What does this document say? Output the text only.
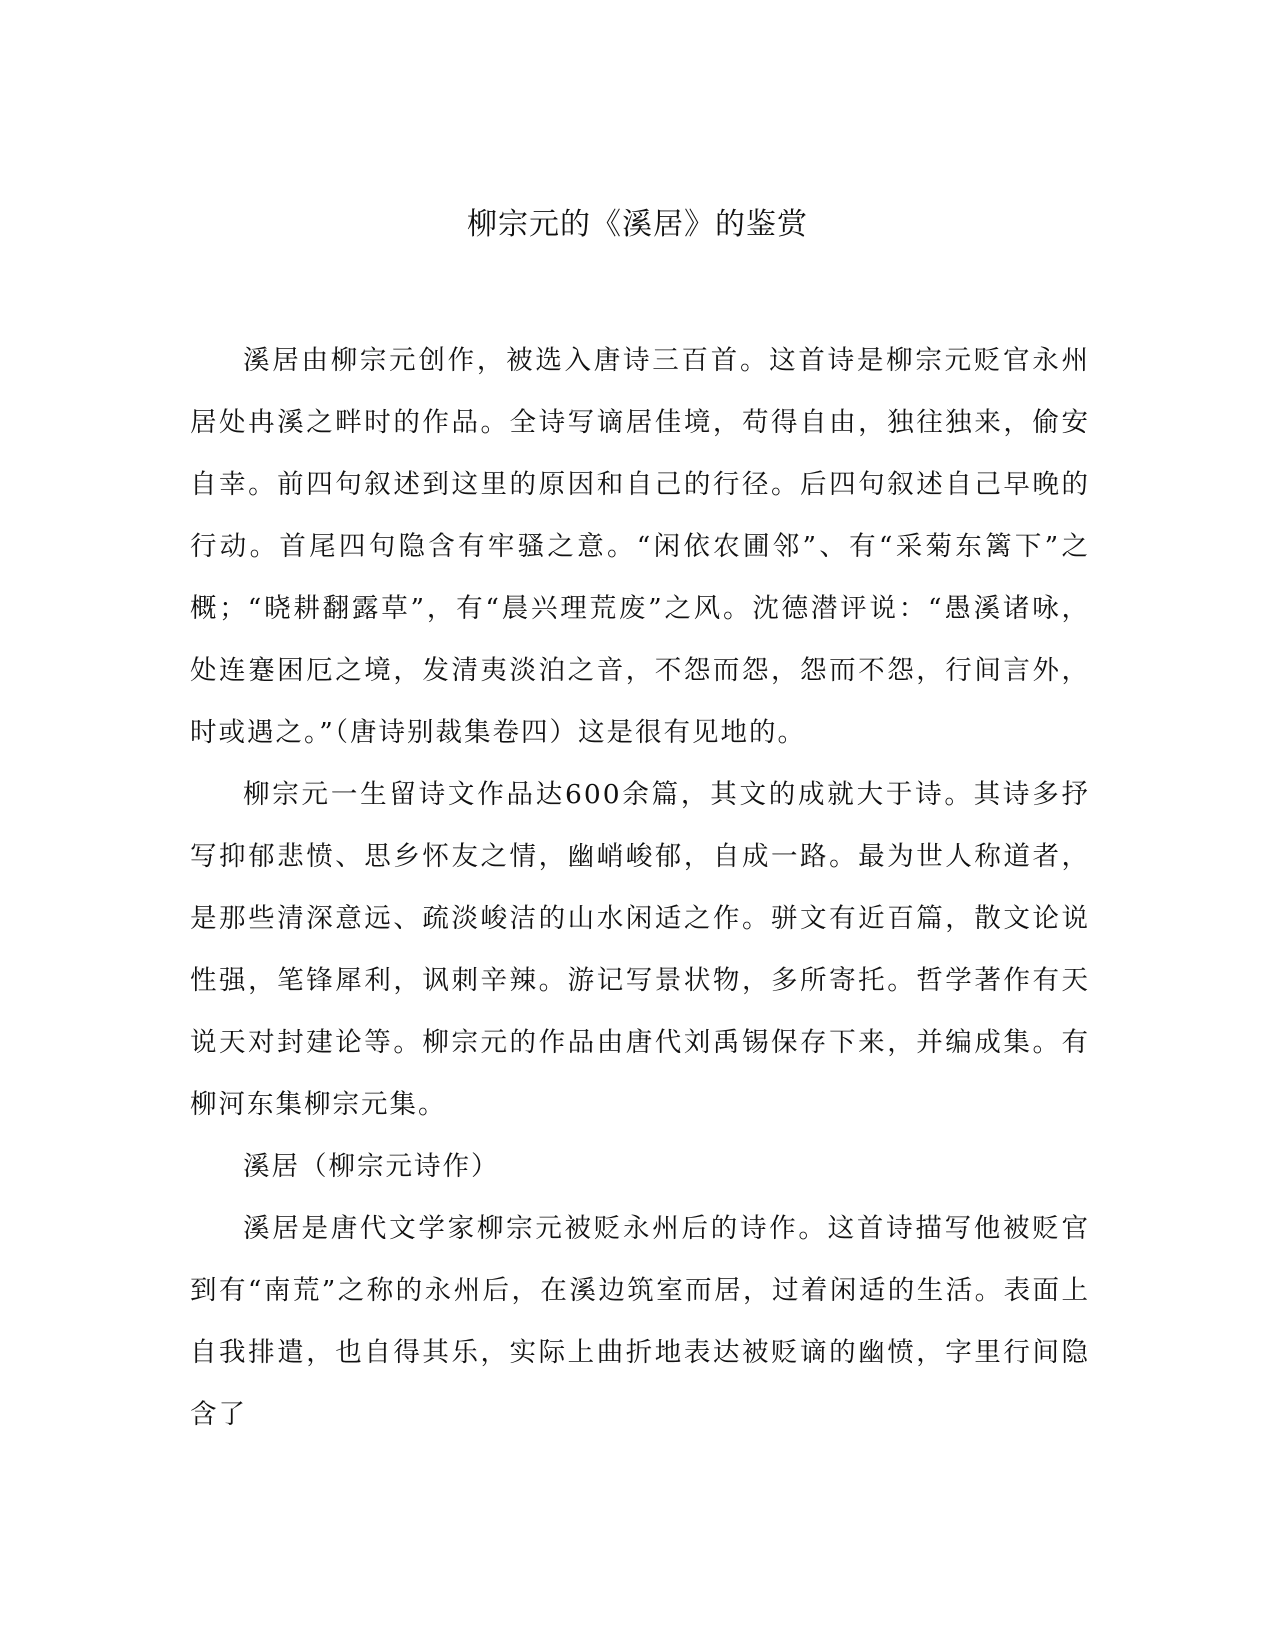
柳宗元的《溪居》的鉴赏

溪居由柳宗元创作，被选入唐诗三百首。这首诗是柳宗元贬官永州居处冉溪之畔时的作品。全诗写谪居佳境，苟得自由，独往独来，偷安自幸。前四句叙述到这里的原因和自己的行径。后四句叙述自己早晚的行动。首尾四句隐含有牢骚之意。“闲依农圃邻”、有“采菊东篱下”之概；“晓耕翻露草”，有“晨兴理荒废”之风。沈德潜评说：“愚溪诸咏，处连蹇困厄之境，发清夷淡泊之音，不怨而怨，怨而不怨，行间言外，时或遇之。”（唐诗别裁集卷四）这是很有见地的。

柳宗元一生留诗文作品达600余篇，其文的成就大于诗。其诗多抒写抑郁悲愤、思乡怀友之情，幽峭峻郁，自成一路。最为世人称道者，是那些清深意远、疏淡峻洁的山水闲适之作。骈文有近百篇，散文论说性强，笔锋犀利，讽刺辛辣。游记写景状物，多所寄托。哲学著作有天说天对封建论等。柳宗元的作品由唐代刘禹锡保存下来，并编成集。有柳河东集柳宗元集。

溪居（柳宗元诗作）

溪居是唐代文学家柳宗元被贬永州后的诗作。这首诗描写他被贬官到有“南荒”之称的永州后，在溪边筑室而居，过着闲适的生活。表面上自我排遣，也自得其乐，实际上曲折地表达被贬谪的幽愤，字里行间隐含了
